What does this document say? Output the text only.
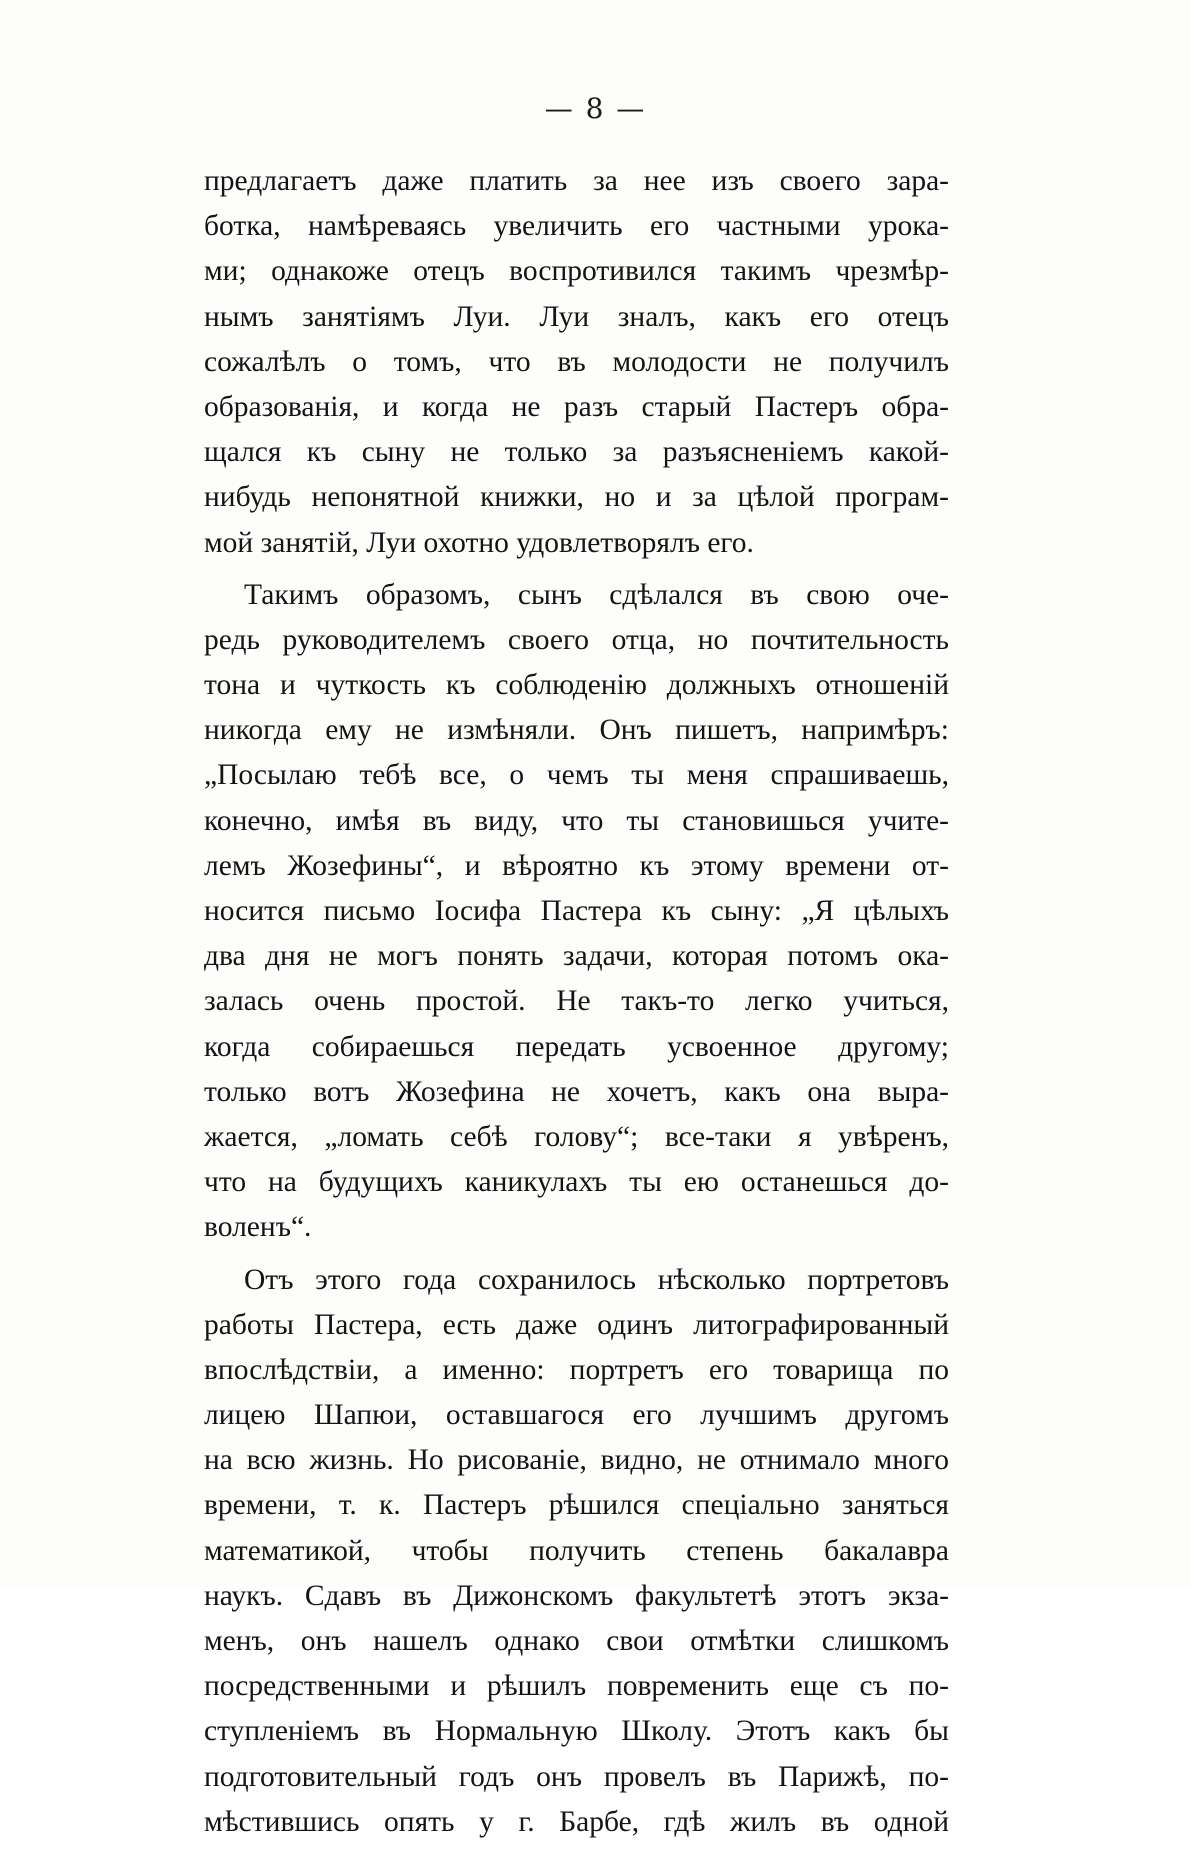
— 8 —
предлагаетъ даже платить за нее изъ своего зара-
ботка, намѣреваясь увеличить его частными урока-
ми; однакоже отецъ воспротивился такимъ чрезмѣр-
нымъ занятіямъ Луи. Луи зналъ, какъ его отецъ
сожалѣлъ о томъ, что въ молодости не получилъ
образованія, и когда не разъ старый Пастеръ обра-
щался къ сыну не только за разъясненіемъ какой-
нибудь непонятной книжки, но и за цѣлой програм-
мой занятій, Луи охотно удовлетворялъ его.
Такимъ образомъ, сынъ сдѣлался въ свою оче-
редь руководителемъ своего отца, но почтительность
тона и чуткость къ соблюденію должныхъ отношеній
никогда ему не измѣняли. Онъ пишетъ, напримѣръ:
„Посылаю тебѣ все, о чемъ ты меня спрашиваешь,
конечно, имѣя въ виду, что ты становишься учите-
лемъ Жозефины“, и вѣроятно къ этому времени от-
носится письмо Іосифа Пастера къ сыну: „Я цѣлыхъ
два дня не могъ понять задачи, которая потомъ ока-
залась очень простой. Не такъ-то легко учиться,
когда собираешься передать усвоенное другому;
только вотъ Жозефина не хочетъ, какъ она выра-
жается, „ломать себѣ голову“; все-таки я увѣренъ,
что на будущихъ каникулахъ ты ею останешься до-
воленъ“.
Отъ этого года сохранилось нѣсколько портретовъ
работы Пастера, есть даже одинъ литографированный
впослѣдствіи, а именно: портретъ его товарища по
лицею Шапюи, оставшагося его лучшимъ другомъ
на всю жизнь. Но рисованіе, видно, не отнимало много
времени, т. к. Пастеръ рѣшился спеціально заняться
математикой, чтобы получить степень бакалавра
наукъ. Сдавъ въ Дижонскомъ факультетѣ этотъ экза-
менъ, онъ нашелъ однако свои отмѣтки слишкомъ
посредственными и рѣшилъ повременить еще съ по-
ступленіемъ въ Нормальную Школу. Этотъ какъ бы
подготовительный годъ онъ провелъ въ Парижѣ, по-
мѣстившись опять у г. Барбе, гдѣ жилъ въ одной
